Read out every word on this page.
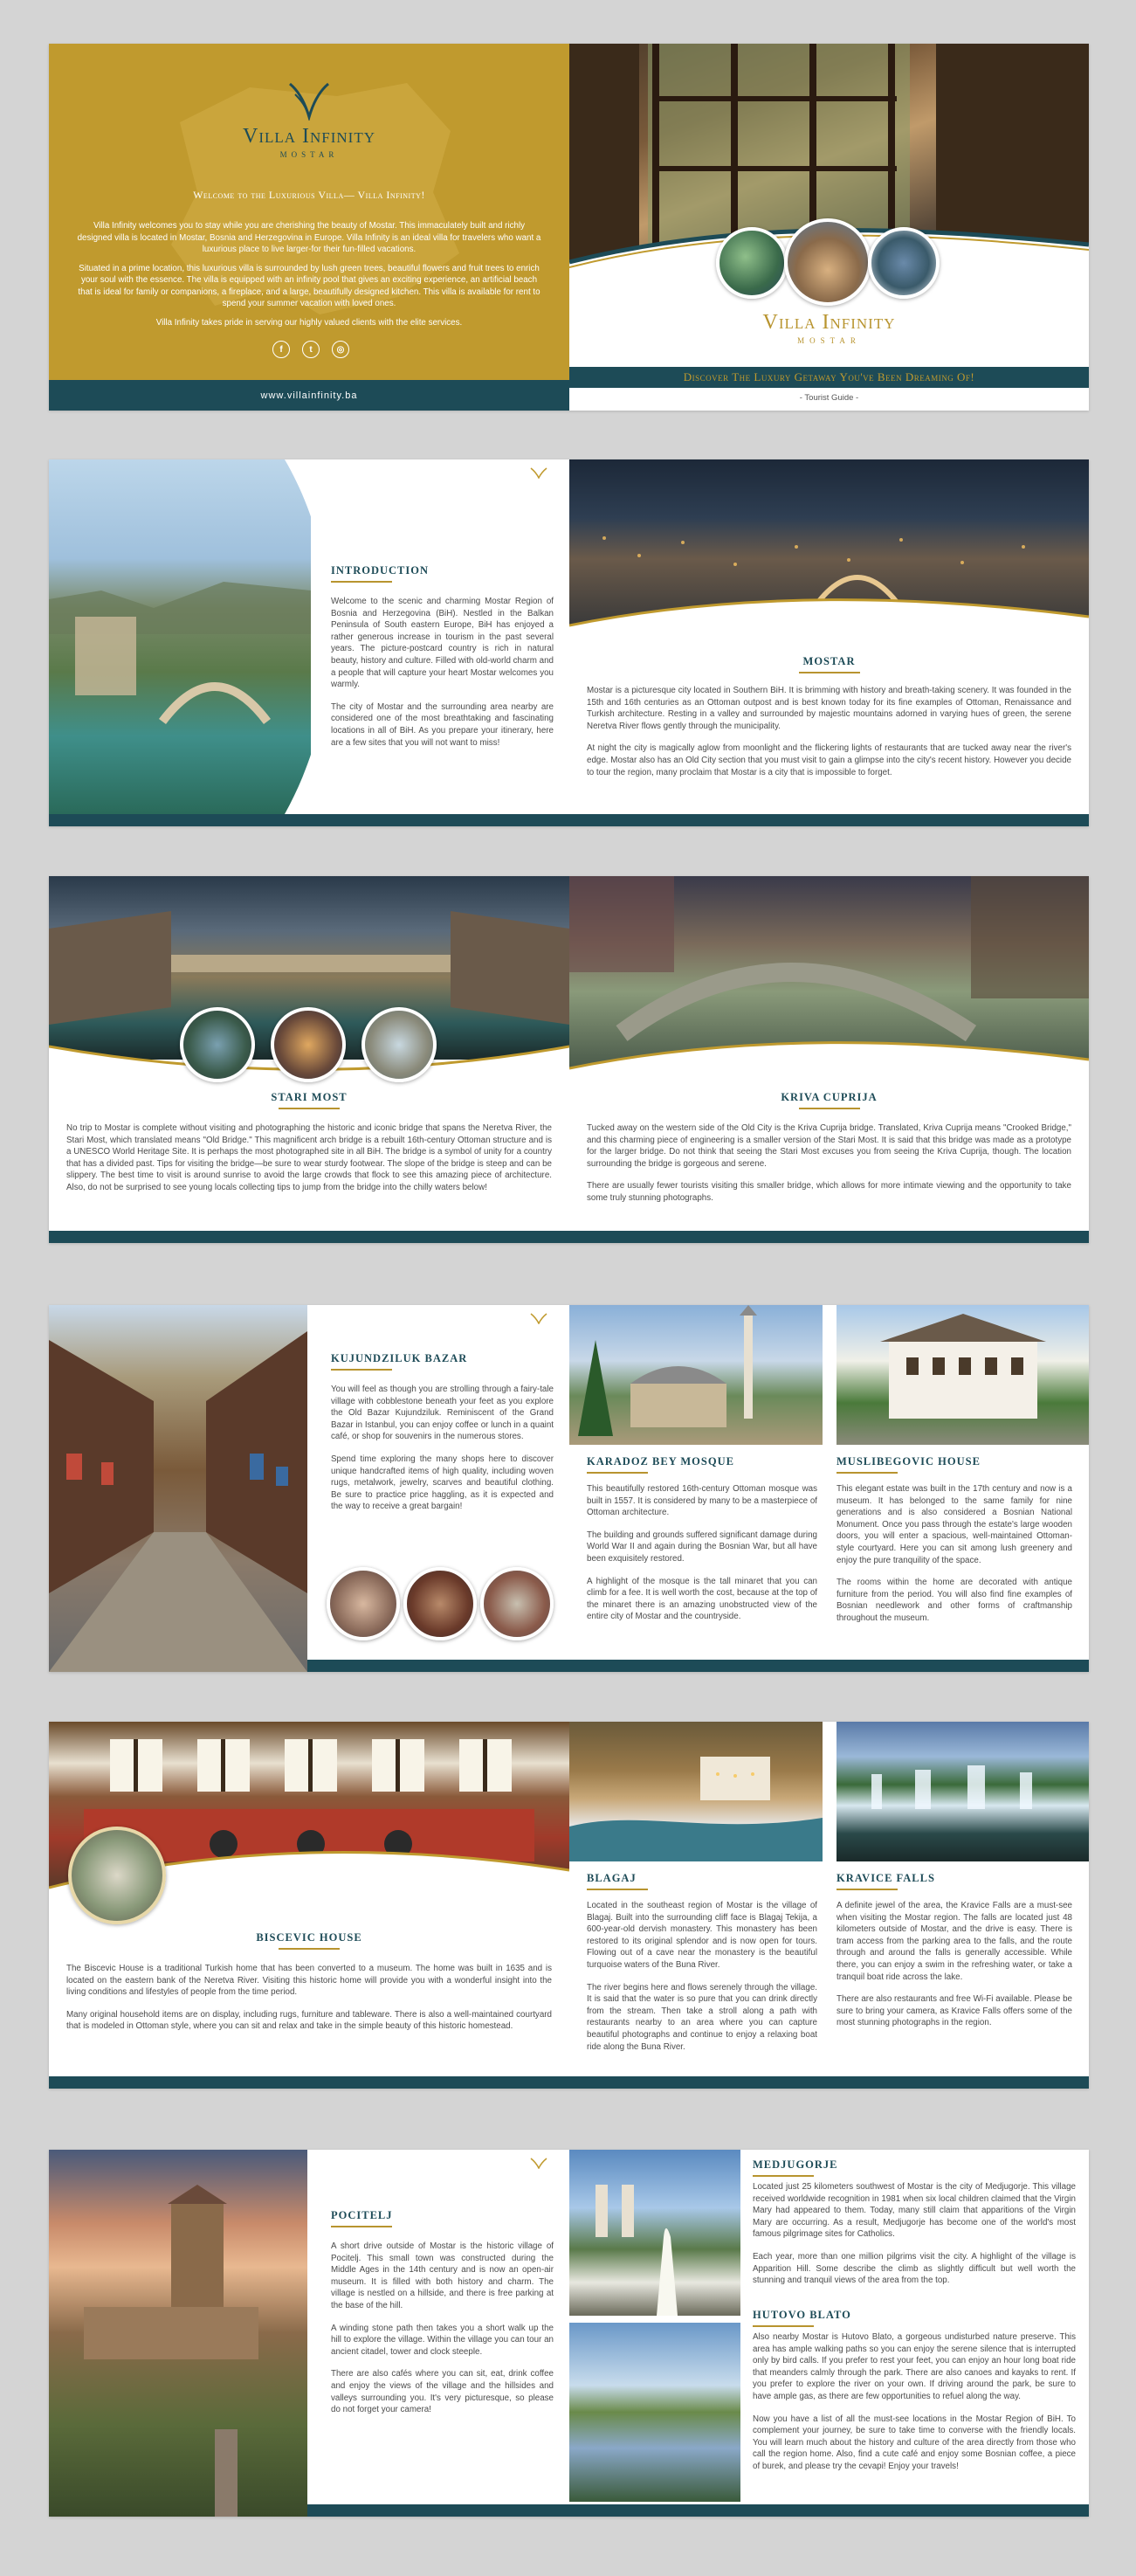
Villa Infinity
MOSTAR
Welcome to the Luxurious Villa— Villa Infinity!

Villa Infinity welcomes you to stay while you are cherishing the beauty of Mostar. This immaculately built and richly designed villa is located in Mostar, Bosnia and Herzegovina in Europe. Villa Infinity is an ideal villa for travelers who want a luxurious place to live larger-for their fun-filled vacations.

Situated in a prime location, this luxurious villa is surrounded by lush green trees, beautiful flowers and fruit trees to enrich your soul with the essence. The villa is equipped with an infinity pool that gives an exciting experience, an artificial beach that is ideal for family or companions, a fireplace, and a large, beautifully designed kitchen. This villa is available for rent to spend your summer vacation with loved ones.

Villa Infinity takes pride in serving our highly valued clients with the elite services.

f	t	◎
www.villainfinity.ba
Villa Infinity
MOSTAR
Discover The Luxury Getaway You've Been Dreaming Of!
- Tourist Guide -
INTRODUCTION

Welcome to the scenic and charming Mostar Region of Bosnia and Herzegovina (BiH). Nestled in the Balkan Peninsula of South eastern Europe, BiH has enjoyed a rather generous increase in tourism in the past several years. The picture-postcard country is rich in natural beauty, history and culture. Filled with old-world charm and a people that will capture your heart Mostar welcomes you warmly.

The city of Mostar and the surrounding area nearby are considered one of the most breathtaking and fascinating locations in all of BiH. As you prepare your itinerary, here are a few sites that you will not want to miss!

MOSTAR

Mostar is a picturesque city located in Southern BiH. It is brimming with history and breath-taking scenery. It was founded in the 15th and 16th centuries as an Ottoman outpost and is best known today for its fine examples of Ottoman, Renaissance and Turkish architecture. Resting in a valley and surrounded by majestic mountains adorned in varying hues of green, the serene Neretva River flows gently through the municipality.

At night the city is magically aglow from moonlight and the flickering lights of restaurants that are tucked away near the river's edge. Mostar also has an Old City section that you must visit to gain a glimpse into the city's recent history. However you decide to tour the region, many proclaim that Mostar is a city that is impossible to forget.

STARI MOST
No trip to Mostar is complete without visiting and photographing the historic and iconic bridge that spans the Neretva River, the Stari Most, which translated means "Old Bridge." This magnificent arch bridge is a rebuilt 16th-century Ottoman structure and is a UNESCO World Heritage Site. It is perhaps the most photographed site in all BiH. The bridge is a symbol of unity for a country that has a divided past. Tips for visiting the bridge—be sure to wear sturdy footwear. The slope of the bridge is steep and can be slippery. The best time to visit is around sunrise to avoid the large crowds that flock to see this amazing piece of architecture. Also, do not be surprised to see young locals collecting tips to jump from the bridge into the chilly waters below!
KRIVA CUPRIJA

Tucked away on the western side of the Old City is the Kriva Cuprija bridge. Translated, Kriva Cuprija means "Crooked Bridge," and this charming piece of engineering is a smaller version of the Stari Most. It is said that this bridge was made as a prototype for the larger bridge. Do not think that seeing the Stari Most excuses you from seeing the Kriva Cuprija, though. The location surrounding the bridge is gorgeous and serene.

There are usually fewer tourists visiting this smaller bridge, which allows for more intimate viewing and the opportunity to take some truly stunning photographs.

KUJUNDZILUK BAZAR

You will feel as though you are strolling through a fairy-tale village with cobblestone beneath your feet as you explore the Old Bazar Kujundziluk. Reminiscent of the Grand Bazar in Istanbul, you can enjoy coffee or lunch in a quaint café, or shop for souvenirs in the numerous stores.

Spend time exploring the many shops here to discover unique handcrafted items of high quality, including woven rugs, metalwork, jewelry, scarves and beautiful clothing. Be sure to practice price haggling, as it is expected and the way to receive a great bargain!

KARADOZ BEY MOSQUE

This beautifully restored 16th-century Ottoman mosque was built in 1557. It is considered by many to be a masterpiece of Ottoman architecture.

The building and grounds suffered significant damage during World War II and again during the Bosnian War, but all have been exquisitely restored.

A highlight of the mosque is the tall minaret that you can climb for a fee. It is well worth the cost, because at the top of the minaret there is an amazing unobstructed view of the entire city of Mostar and the countryside.

MUSLIBEGOVIC HOUSE

This elegant estate was built in the 17th century and now is a museum. It has belonged to the same family for nine generations and is also considered a Bosnian National Monument. Once you pass through the estate's large wooden doors, you will enter a spacious, well-maintained Ottoman-style courtyard. Here you can sit among lush greenery and enjoy the pure tranquility of the space.

The rooms within the home are decorated with antique furniture from the period. You will also find fine examples of Bosnian needlework and other forms of craftmanship throughout the museum.

BISCEVIC HOUSE

The Biscevic House is a traditional Turkish home that has been converted to a museum. The home was built in 1635 and is located on the eastern bank of the Neretva River. Visiting this historic home will provide you with a wonderful insight into the living conditions and lifestyles of people from the time period.

Many original household items are on display, including rugs, furniture and tableware. There is also a well-maintained courtyard that is modeled in Ottoman style, where you can sit and relax and take in the simple beauty of this historic homestead.

BLAGAJ

Located in the southeast region of Mostar is the village of Blagaj. Built into the surrounding cliff face is Blagaj Tekija, a 600-year-old dervish monastery. This monastery has been restored to its original splendor and is now open for tours. Flowing out of a cave near the monastery is the beautiful turquoise waters of the Buna River.

The river begins here and flows serenely through the village. It is said that the water is so pure that you can drink directly from the stream. Then take a stroll along a path with restaurants nearby to an area where you can capture beautiful photographs and continue to enjoy a relaxing boat ride along the Buna River.

KRAVICE FALLS

A definite jewel of the area, the Kravice Falls are a must-see when visiting the Mostar region. The falls are located just 48 kilometers outside of Mostar, and the drive is easy. There is tram access from the parking area to the falls, and the route through and around the falls is generally accessible. While there, you can enjoy a swim in the refreshing water, or take a tranquil boat ride across the lake.

There are also restaurants and free Wi-Fi available. Please be sure to bring your camera, as Kravice Falls offers some of the most stunning photographs in the region.

POCITELJ

A short drive outside of Mostar is the historic village of Pocitelj. This small town was constructed during the Middle Ages in the 14th century and is now an open-air museum. It is filled with both history and charm. The village is nestled on a hillside, and there is free parking at the base of the hill.

A winding stone path then takes you a short walk up the hill to explore the village. Within the village you can tour an ancient citadel, tower and clock steeple.

There are also cafés where you can sit, eat, drink coffee and enjoy the views of the village and the hillsides and valleys surrounding you. It's very picturesque, so please do not forget your camera!

MEDJUGORJE

Located just 25 kilometers southwest of Mostar is the city of Medjugorje. This village received worldwide recognition in 1981 when six local children claimed that the Virgin Mary had appeared to them. Today, many still claim that apparitions of the Virgin Mary are occurring. As a result, Medjugorje has become one of the world's most famous pilgrimage sites for Catholics.

Each year, more than one million pilgrims visit the city. A highlight of the village is Apparition Hill. Some describe the climb as slightly difficult but well worth the stunning and tranquil views of the area from the top.

HUTOVO BLATO

Also nearby Mostar is Hutovo Blato, a gorgeous undisturbed nature preserve. This area has ample walking paths so you can enjoy the serene silence that is interrupted only by bird calls. If you prefer to rest your feet, you can enjoy an hour long boat ride that meanders calmly through the park. There are also canoes and kayaks to rent. If you prefer to explore the river on your own. If driving around the park, be sure to have ample gas, as there are few opportunities to refuel along the way.

Now you have a list of all the must-see locations in the Mostar Region of BiH. To complement your journey, be sure to take time to converse with the friendly locals. You will learn much about the history and culture of the area directly from those who call the region home. Also, find a cute café and enjoy some Bosnian coffee, a piece of burek, and please try the cevapi! Enjoy your travels!
